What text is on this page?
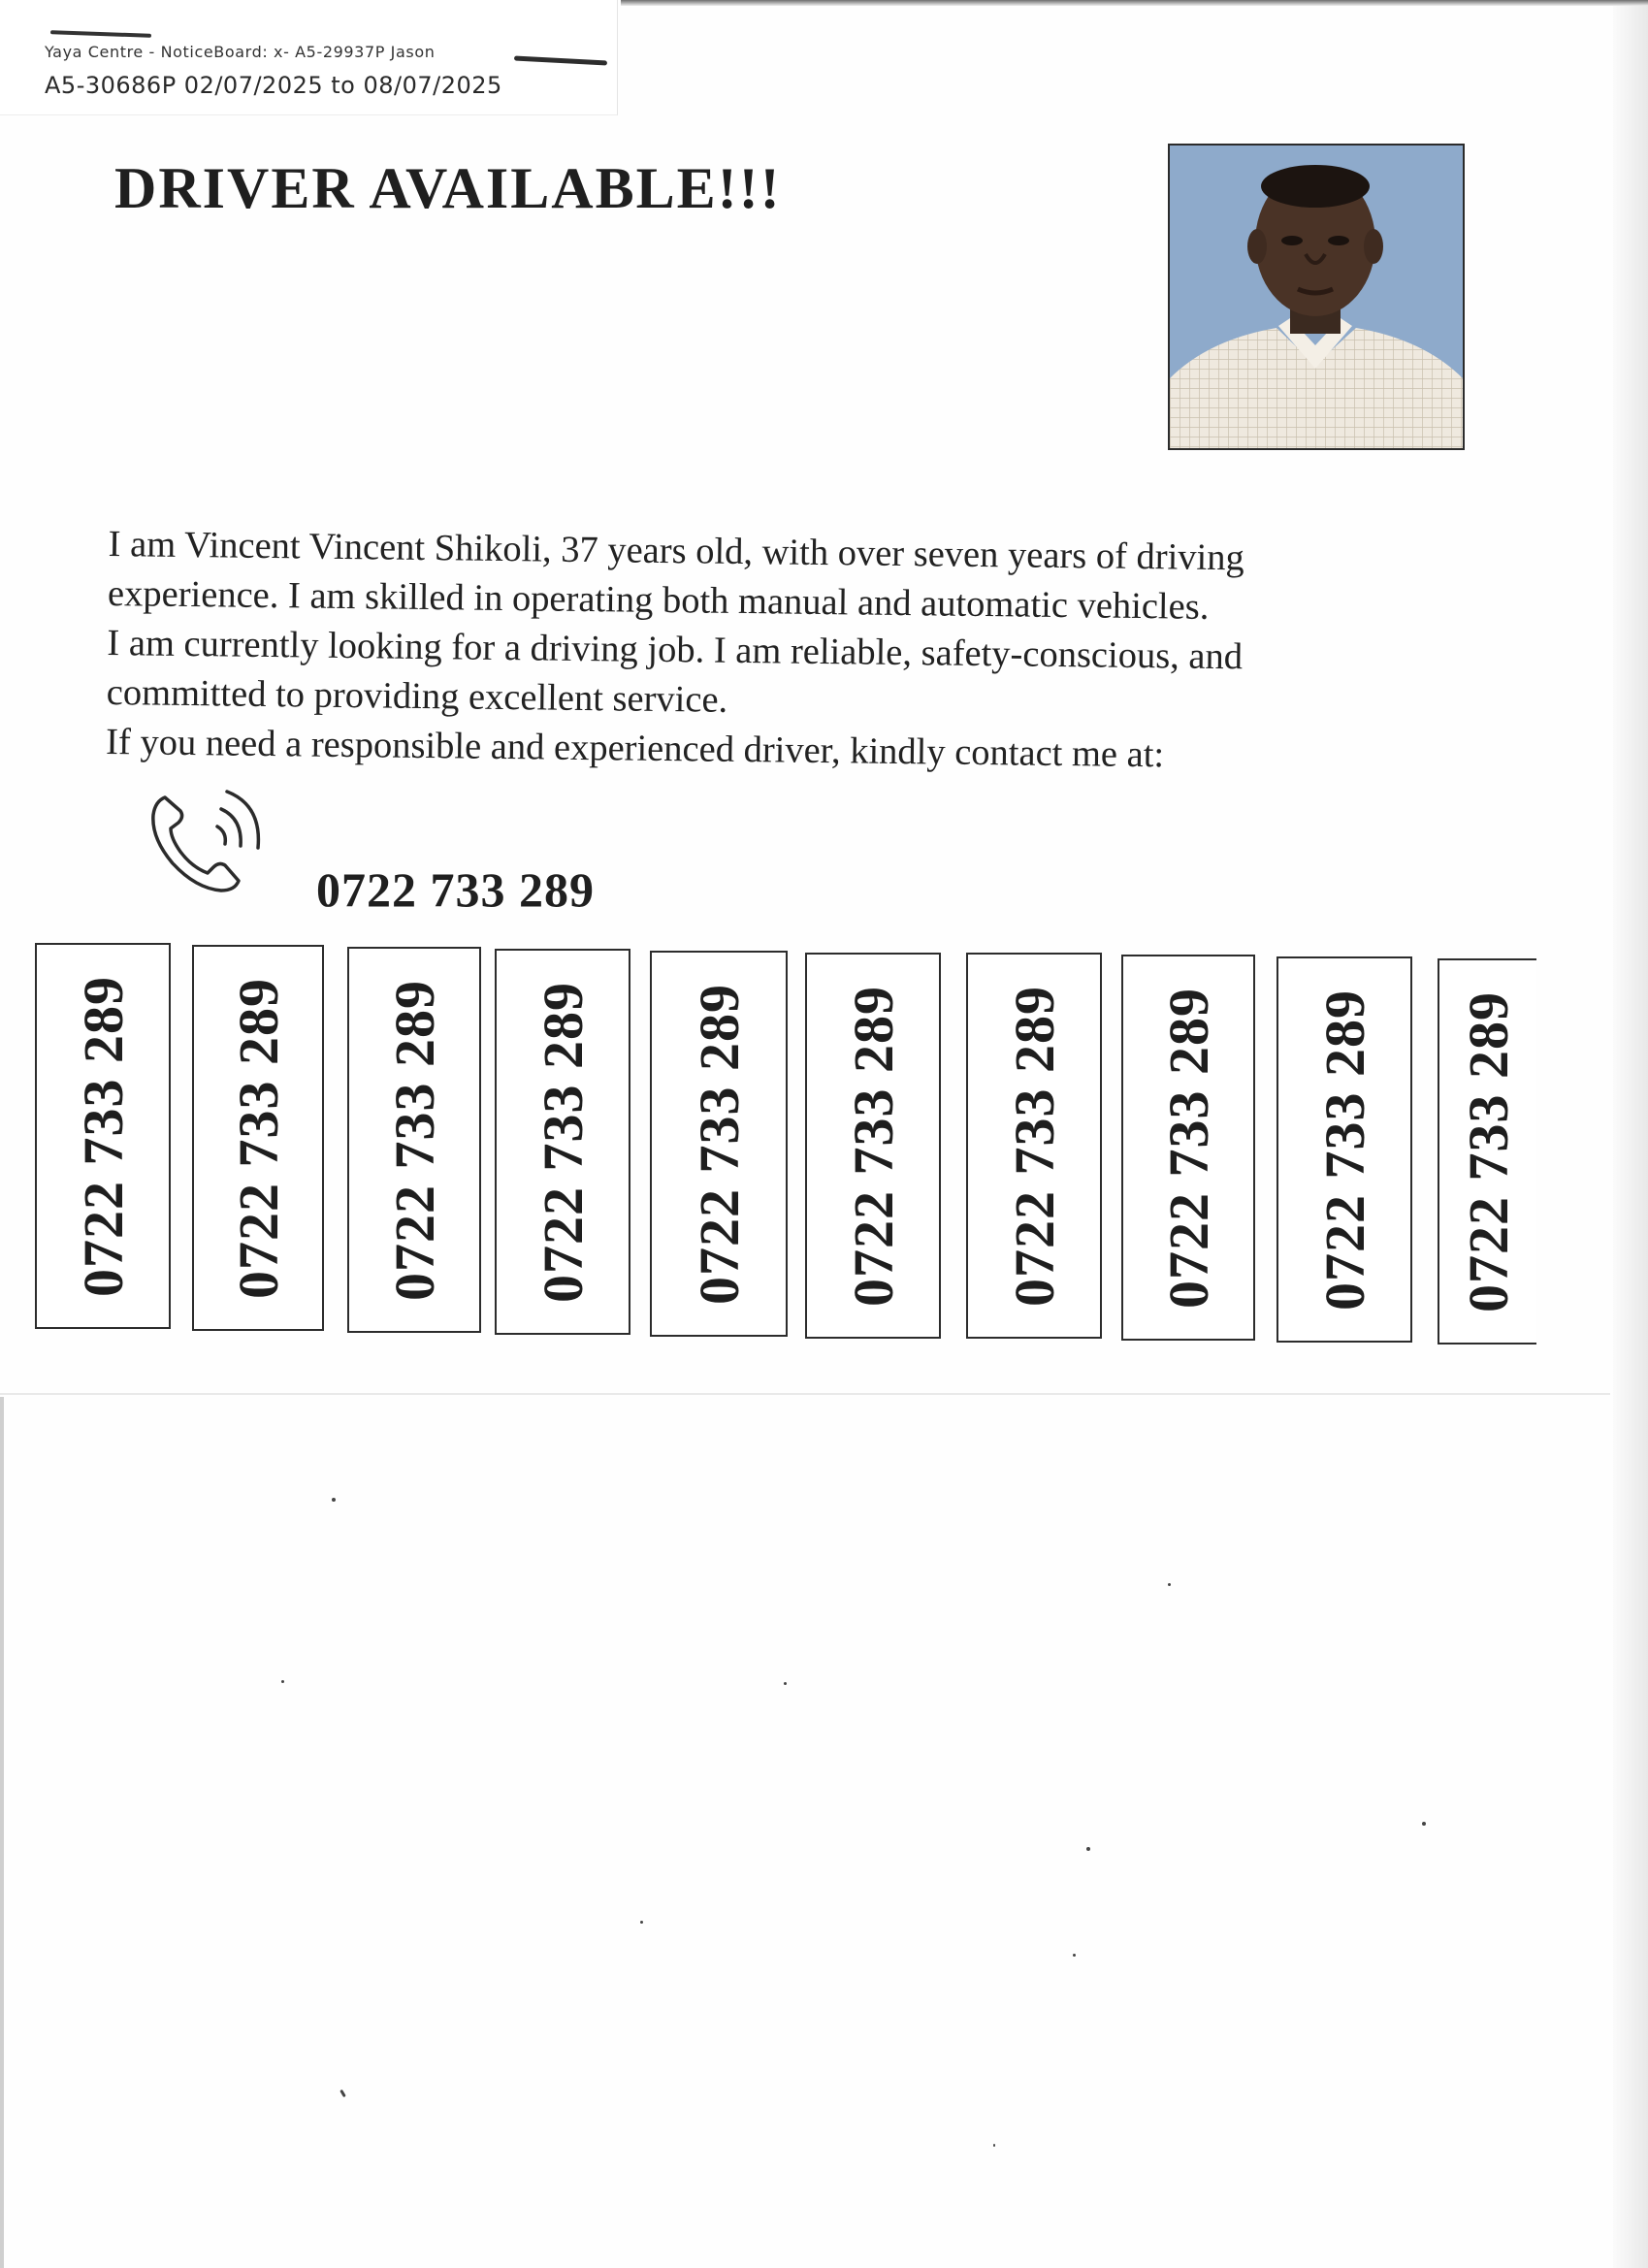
Yaya Centre - NoticeBoard: x- A5-29937P Jason
A5-30686P 02/07/2025 to 08/07/2025
DRIVER AVAILABLE!!!

I am Vincent Vincent Shikoli, 37 years old, with over seven years of driving

experience. I am skilled in operating both manual and automatic vehicles.

I am currently looking for a driving job. I am reliable, safety-conscious, and

committed to providing excellent service.

If you need a responsible and experienced driver, kindly contact me at:

0722 733 289
0722 733 289 0722 733 289 0722 733 289 0722 733 289 0722 733 289 0722 733 289 0722 733 289 0722 733 289 0722 733 289 0722 733 289
